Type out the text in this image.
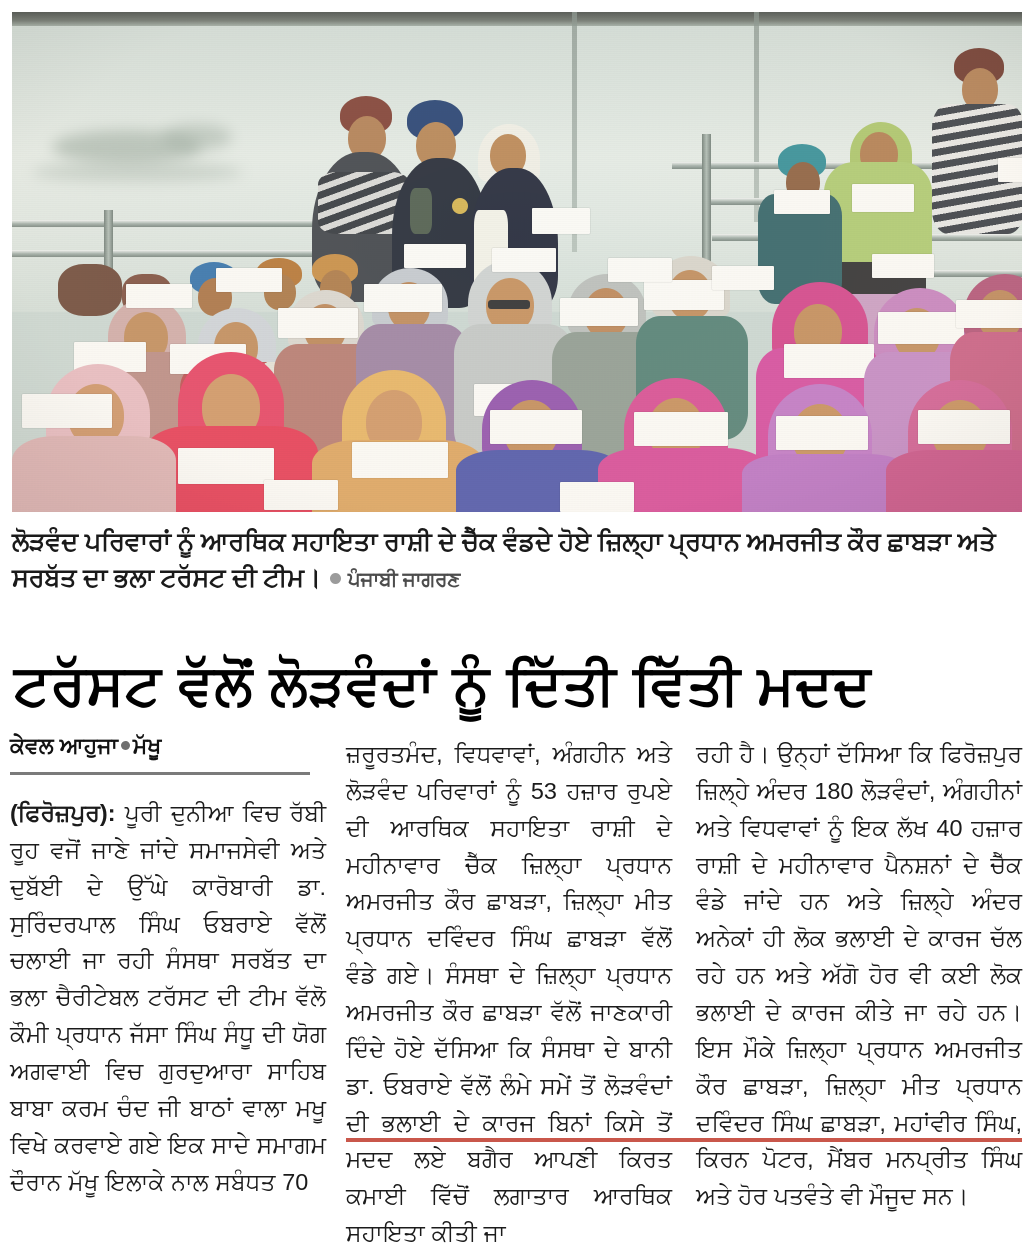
ਲੋੜਵੰਦ ਪਰਿਵਾਰਾਂ ਨੂੰ ਆਰਥਿਕ ਸਹਾਇਤਾ ਰਾਸ਼ੀ ਦੇ ਚੈੱਕ ਵੰਡਦੇ ਹੋਏ ਜ਼ਿਲ੍ਹਾ ਪ੍ਰਧਾਨ ਅਮਰਜੀਤ ਕੌਰ ਛਾਬੜਾ ਅਤੇ ਸਰਬੱਤ ਦਾ ਭਲਾ ਟਰੱਸਟ ਦੀ ਟੀਮ। ਪੰਜਾਬੀ ਜਾਗਰਣ
ਟਰੱਸਟ ਵੱਲੋਂ ਲੋੜਵੰਦਾਂ ਨੂੰ ਦਿੱਤੀ ਵਿੱਤੀ ਮਦਦ
ਕੇਵਲ ਆਹੁਜਾ ਮੱਖੂ
(ਫਿਰੋਜ਼ਪੁਰ): ਪੂਰੀ ਦੁਨੀਆ ਵਿਚ ਰੱਬੀ ਰੂਹ ਵਜੋਂ ਜਾਣੇ ਜਾਂਦੇ ਸਮਾਜਸੇਵੀ ਅਤੇ ਦੁਬੱਈ ਦੇ ਉੱਘੇ ਕਾਰੋਬਾਰੀ ਡਾ. ਸੁਰਿੰਦਰਪਾਲ ਸਿੰਘ ਓਬਰਾਏ ਵੱਲੋਂ ਚਲਾਈ ਜਾ ਰਹੀ ਸੰਸਥਾ ਸਰਬੱਤ ਦਾ ਭਲਾ ਚੈਰੀਟੇਬਲ ਟਰੱਸਟ ਦੀ ਟੀਮ ਵੱਲੋ ਕੌਮੀ ਪ੍ਰਧਾਨ ਜੱਸਾ ਸਿੰਘ ਸੰਧੂ ਦੀ ਯੋਗ ਅਗਵਾਈ ਵਿਚ ਗੁਰਦੁਆਰਾ ਸਾਹਿਬ ਬਾਬਾ ਕਰਮ ਚੰਦ ਜੀ ਬਾਠਾਂ ਵਾਲਾ ਮਖੂ ਵਿਖੇ ਕਰਵਾਏ ਗਏ ਇਕ ਸਾਦੇ ਸਮਾਗਮ ਦੌਰਾਨ ਮੱਖੂ ਇਲਾਕੇ ਨਾਲ ਸਬੰਧਤ 70
ਜ਼ਰੂਰਤਮੰਦ, ਵਿਧਵਾਵਾਂ, ਅੰਗਹੀਨ ਅਤੇ ਲੋੜਵੰਦ ਪਰਿਵਾਰਾਂ ਨੂੰ 53 ਹਜ਼ਾਰ ਰੁਪਏ ਦੀ ਆਰਥਿਕ ਸਹਾਇਤਾ ਰਾਸ਼ੀ ਦੇ ਮਹੀਨਾਵਾਰ ਚੈੱਕ ਜ਼ਿਲ੍ਹਾ ਪ੍ਰਧਾਨ ਅਮਰਜੀਤ ਕੌਰ ਛਾਬੜਾ, ਜ਼ਿਲ੍ਹਾ ਮੀਤ ਪ੍ਰਧਾਨ ਦਵਿੰਦਰ ਸਿੰਘ ਛਾਬੜਾ ਵੱਲੋਂ ਵੰਡੇ ਗਏ। ਸੰਸਥਾ ਦੇ ਜ਼ਿਲ੍ਹਾ ਪ੍ਰਧਾਨ ਅਮਰਜੀਤ ਕੌਰ ਛਾਬੜਾ ਵੱਲੋਂ ਜਾਣਕਾਰੀ ਦਿੰਦੇ ਹੋਏ ਦੱਸਿਆ ਕਿ ਸੰਸਥਾ ਦੇ ਬਾਨੀ ਡਾ. ਓਬਰਾਏ ਵੱਲੋਂ ਲੰਮੇ ਸਮੇਂ ਤੋਂ ਲੋੜਵੰਦਾਂ ਦੀ ਭਲਾਈ ਦੇ ਕਾਰਜ ਬਿਨਾਂ ਕਿਸੇ ਤੋਂ ਮਦਦ ਲਏ ਬਗੈਰ ਆਪਣੀ ਕਿਰਤ ਕਮਾਈ ਵਿੱਚੋਂ ਲਗਾਤਾਰ ਆਰਥਿਕ ਸਹਾਇਤਾ ਕੀਤੀ ਜਾ
ਰਹੀ ਹੈ। ਉਨ੍ਹਾਂ ਦੱਸਿਆ ਕਿ ਫਿਰੋਜ਼ਪੁਰ ਜ਼ਿਲ੍ਹੇ ਅੰਦਰ 180 ਲੋੜਵੰਦਾਂ, ਅੰਗਹੀਨਾਂ ਅਤੇ ਵਿਧਵਾਵਾਂ ਨੂੰ ਇਕ ਲੱਖ 40 ਹਜ਼ਾਰ ਰਾਸ਼ੀ ਦੇ ਮਹੀਨਾਵਾਰ ਪੈਨਸ਼ਨਾਂ ਦੇ ਚੈੱਕ ਵੰਡੇ ਜਾਂਦੇ ਹਨ ਅਤੇ ਜ਼ਿਲ੍ਹੇ ਅੰਦਰ ਅਨੇਕਾਂ ਹੀ ਲੋਕ ਭਲਾਈ ਦੇ ਕਾਰਜ ਚੱਲ ਰਹੇ ਹਨ ਅਤੇ ਅੱਗੋ ਹੋਰ ਵੀ ਕਈ ਲੋਕ ਭਲਾਈ ਦੇ ਕਾਰਜ ਕੀਤੇ ਜਾ ਰਹੇ ਹਨ। ਇਸ ਮੌਕੇ ਜ਼ਿਲ੍ਹਾ ਪ੍ਰਧਾਨ ਅਮਰਜੀਤ ਕੌਰ ਛਾਬੜਾ, ਜ਼ਿਲ੍ਹਾ ਮੀਤ ਪ੍ਰਧਾਨ ਦਵਿੰਦਰ ਸਿੰਘ ਛਾਬੜਾ, ਮਹਾਂਵੀਰ ਸਿੰਘ, ਕਿਰਨ ਪੋਟਰ, ਮੈਂਬਰ ਮਨਪ੍ਰੀਤ ਸਿੰਘ ਅਤੇ ਹੋਰ ਪਤਵੰਤੇ ਵੀ ਮੌਜੂਦ ਸਨ।
